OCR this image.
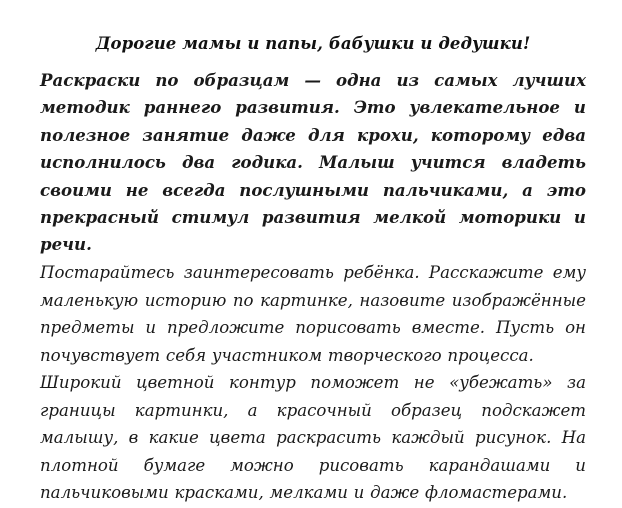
Дорогие мамы и папы, бабушки и дедушки!

Раскраски по образцам — одна из самых лучших методик раннего развития. Это увлекательное и полезное занятие даже для крохи, которому едва исполнилось два годика. Малыш учится владеть своими не всегда послушными пальчиками, а это прекрасный стимул развития мелкой моторики и речи.

Постарайтесь заинтересовать ребёнка. Расскажите ему маленькую историю по картинке, назовите изображённые предметы и предложите порисовать вместе. Пусть он почувствует себя участником творческого процесса.

Широкий цветной контур поможет не «убежать» за границы картинки, а красочный образец подскажет малышу, в какие цвета раскрасить каждый рисунок. На плотной бумаге можно рисовать карандашами и пальчиковыми красками, мелками и даже фломастерами.
